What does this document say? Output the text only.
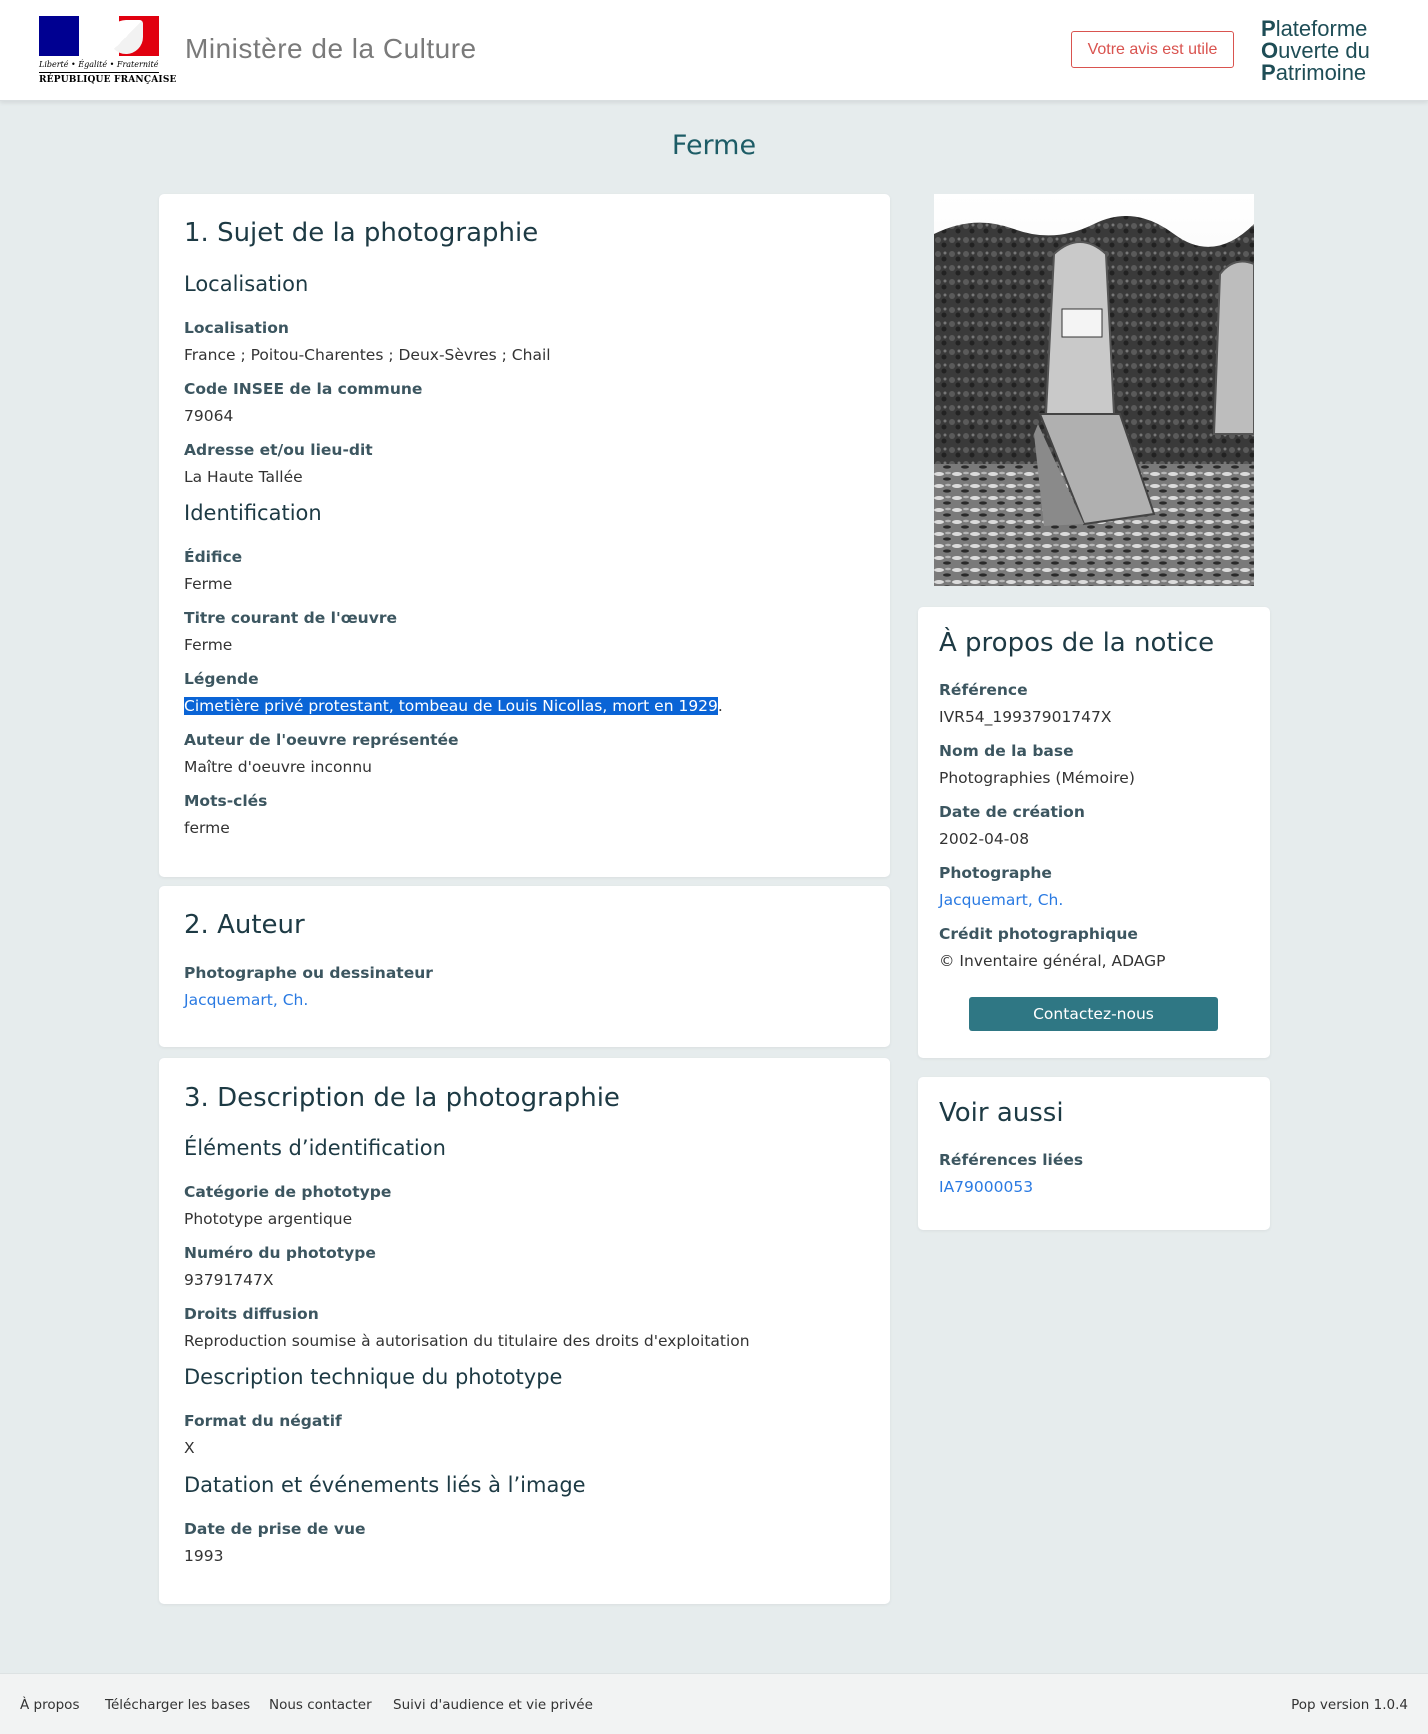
Liberté • Égalité • Fraternité
RÉPUBLIQUE FRANÇAISE
Ministère de la Culture	Votre avis est utile
Plateforme
Ouverte du
Patrimoine
Ferme
1. Sujet de la photographie
Localisation
Localisation
France ; Poitou-Charentes ; Deux-Sèvres ; Chail
Code INSEE de la commune
79064
Adresse et/ou lieu-dit
La Haute Tallée
Identification
Édifice
Ferme
Titre courant de l'œuvre
Ferme
Légende
Cimetière privé protestant, tombeau de Louis Nicollas, mort en 1929.
Auteur de l'oeuvre représentée
Maître d'oeuvre inconnu
Mots-clés
ferme
2. Auteur
Photographe ou dessinateur
Jacquemart, Ch.
3. Description de la photographie
Éléments d’identification
Catégorie de phototype
Phototype argentique
Numéro du phototype
93791747X
Droits diffusion
Reproduction soumise à autorisation du titulaire des droits d'exploitation
Description technique du phototype
Format du négatif
X
Datation et événements liés à l’image
Date de prise de vue
1993
À propos de la notice
Référence
IVR54_19937901747X
Nom de la base
Photographies (Mémoire)
Date de création
2002-04-08
Photographe
Jacquemart, Ch.
Crédit photographique
© Inventaire général, ADAGP
Contactez-nous
Voir aussi
Références liées
IA79000053
À propos Télécharger les bases Nous contacter Suivi d'audience et vie privée	Pop version 1.0.4
